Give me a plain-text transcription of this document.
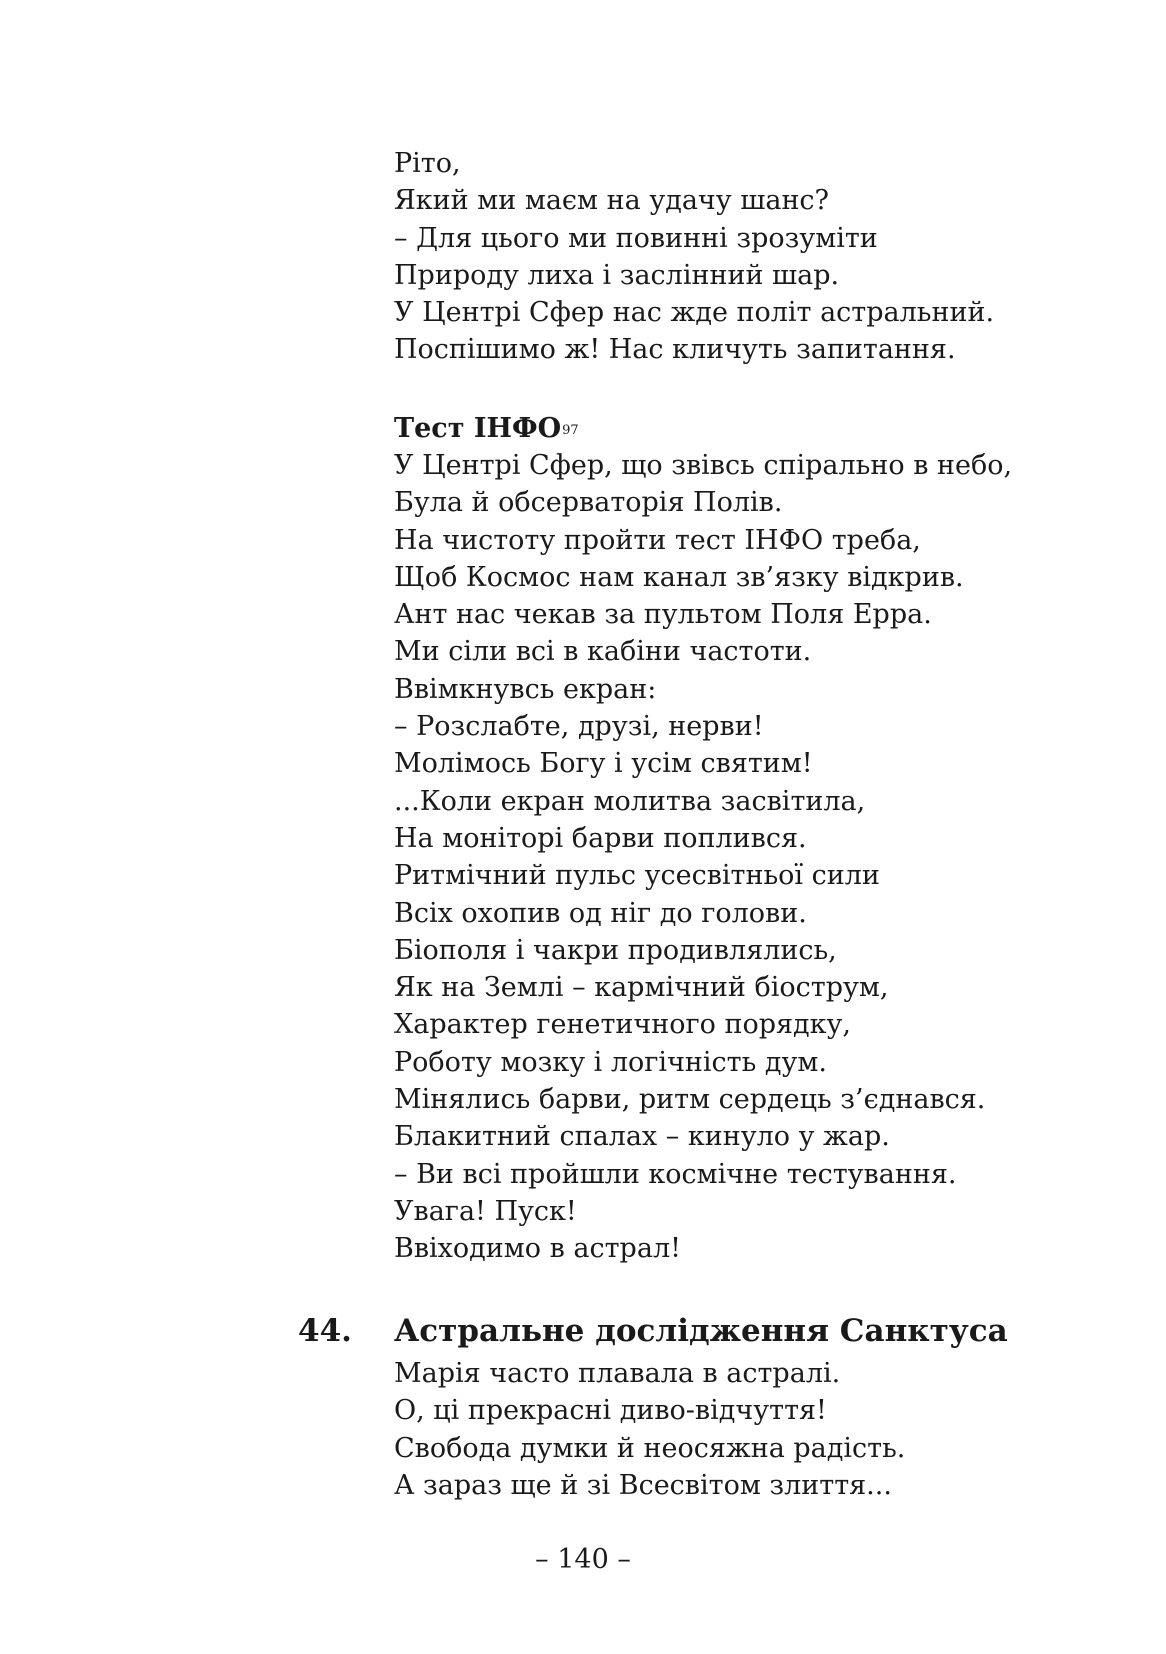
Ріто,
Який ми маєм на удачу шанс?
– Для цього ми повинні зрозуміти
Природу лиха і заслінний шар.
У Центрі Сфер нас жде політ астральний.
Поспішимо ж! Нас кличуть запитання.
Тест ІНФО$^{97}$
У Центрі Сфер, що звівсь спірально в небо,
Була й обсерваторія Полів.
На чистоту пройти тест ІНФО треба,
Щоб Космос нам канал зв’язку відкрив.
Ант нас чекав за пультом Поля Ерра.
Ми сіли всі в кабіни частоти.
Ввімкнувсь екран:
– Розслабте, друзі, нерви!
Молімось Богу і усім святим!
...Коли екран молитва засвітила,
На моніторі барви поплився.
Ритмічний пульс усесвітньої сили
Всіх охопив од ніг до голови.
Біополя і чакри продивлялись,
Як на Землі – кармічний біострум,
Характер генетичного порядку,
Роботу мозку і логічність дум.
Мінялись барви, ритм сердець з’єднався.
Блакитний спалах – кинуло у жар.
– Ви всі пройшли космічне тестування.
Увага! Пуск!
Ввіходимо в астрал!
44. Астральне дослідження Санктуса
Марія часто плавала в астралі.
О, ці прекрасні диво-відчуття!
Свобода думки й неосяжна радість.
А зараз ще й зі Всесвітом злиття...
– 140 –
